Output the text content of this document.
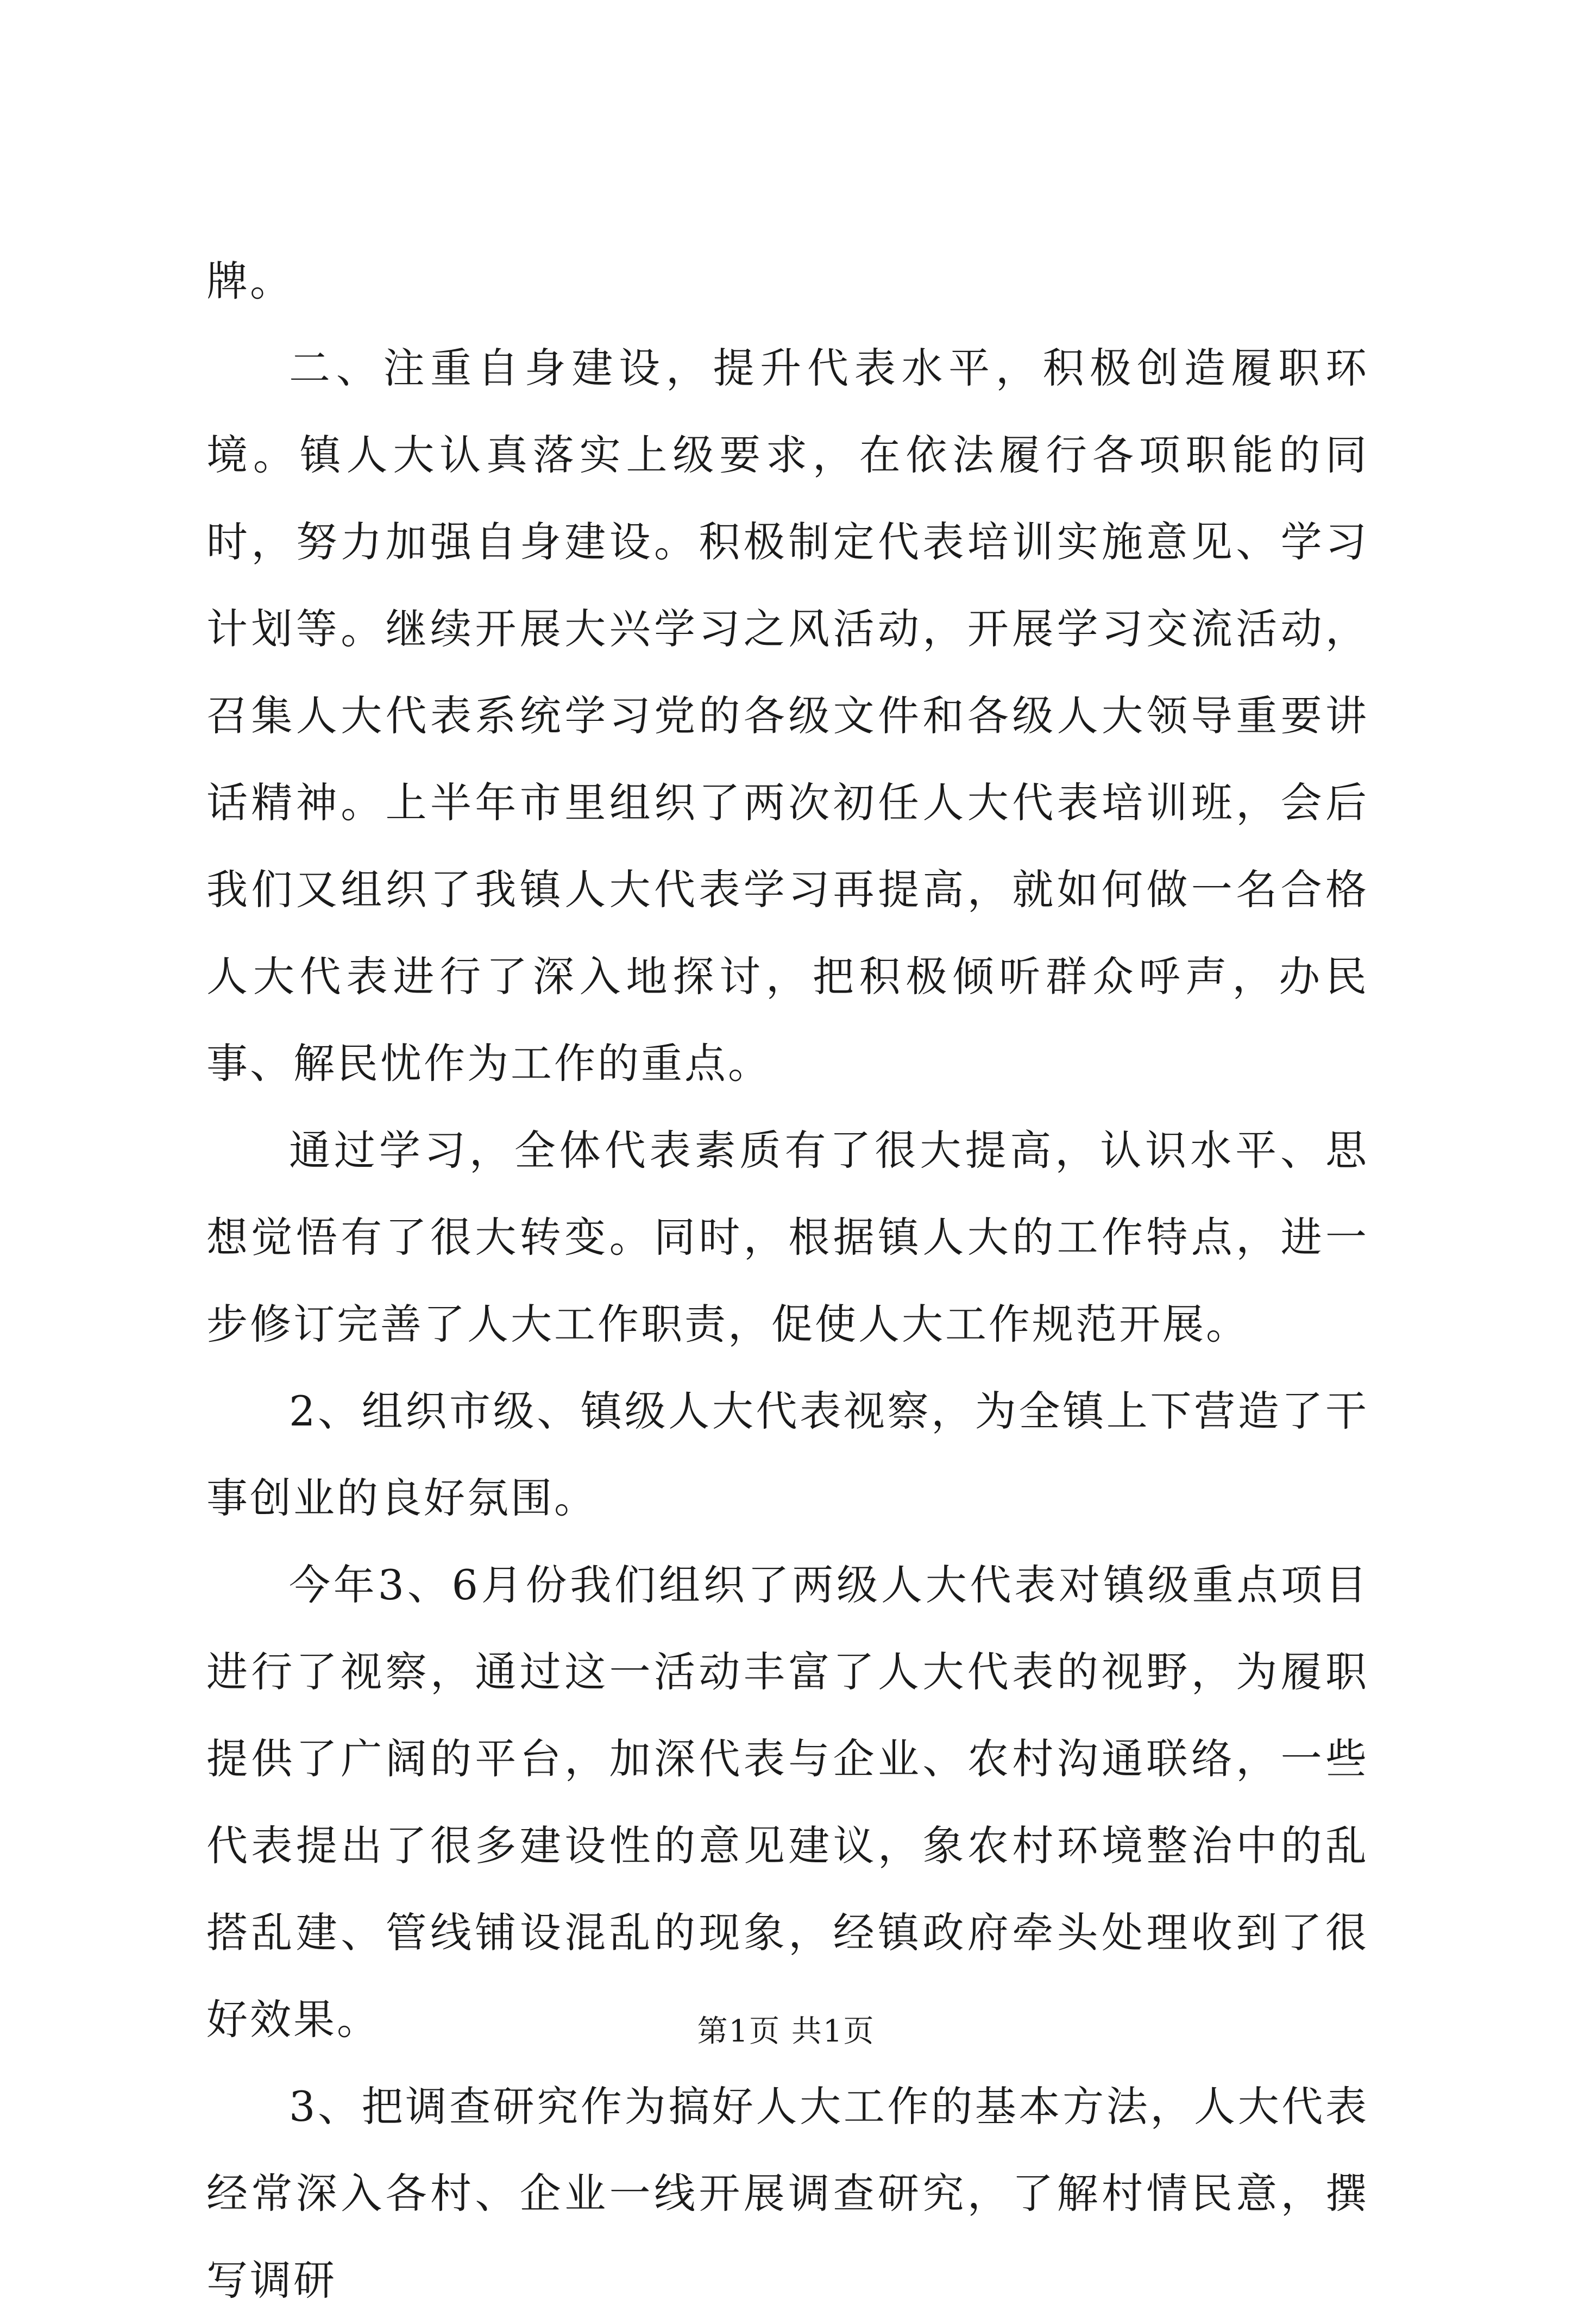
牌。

二、注重自身建设，提升代表水平，积极创造履职环境。镇人大认真落实上级要求，在依法履行各项职能的同时，努力加强自身建设。积极制定代表培训实施意见、学习计划等。继续开展大兴学习之风活动，开展学习交流活动，召集人大代表系统学习党的各级文件和各级人大领导重要讲话精神。上半年市里组织了两次初任人大代表培训班，会后我们又组织了我镇人大代表学习再提高，就如何做一名合格人大代表进行了深入地探讨，把积极倾听群众呼声，办民事、解民忧作为工作的重点。

通过学习，全体代表素质有了很大提高，认识水平、思想觉悟有了很大转变。同时，根据镇人大的工作特点，进一步修订完善了人大工作职责，促使人大工作规范开展。

2、组织市级、镇级人大代表视察，为全镇上下营造了干事创业的良好氛围。

今年3、6月份我们组织了两级人大代表对镇级重点项目进行了视察，通过这一活动丰富了人大代表的视野，为履职提供了广阔的平台，加深代表与企业、农村沟通联络，一些代表提出了很多建设性的意见建议，象农村环境整治中的乱搭乱建、管线铺设混乱的现象，经镇政府牵头处理收到了很好效果。

3、把调查研究作为搞好人大工作的基本方法，人大代表经常深入各村、企业一线开展调查研究，了解村情民意，撰写调研

第1页 共1页
